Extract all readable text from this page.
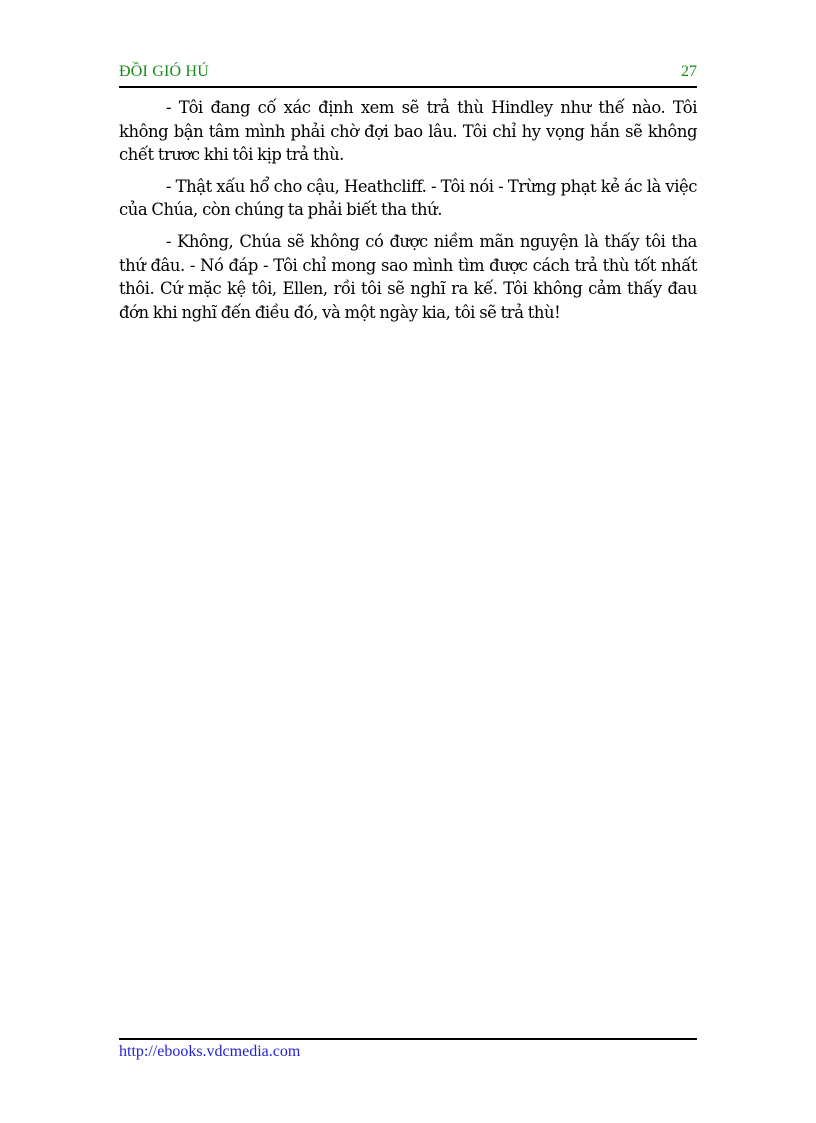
ĐỒI GIÓ HÚ	27

- Tôi đang cố xác định xem sẽ trả thù Hindley như thế nào. Tôi không bận tâm mình phải chờ đợi bao lâu. Tôi chỉ hy vọng hắn sẽ không chết trươc khi tôi kịp trả thù.

- Thật xấu hổ cho cậu, Heathcliff. - Tôi nói - Trừng phạt kẻ ác là việc của Chúa, còn chúng ta phải biết tha thứ.

- Không, Chúa sẽ không có được niềm mãn nguyện là thấy tôi tha thứ đâu. - Nó đáp - Tôi chỉ mong sao mình tìm được cách trả thù tốt nhất thôi. Cứ mặc kệ tôi, Ellen, rồi tôi sẽ nghĩ ra kế. Tôi không cảm thấy đau đớn khi nghĩ đến điều đó, và một ngày kia, tôi sẽ trả thù!

http://ebooks.vdcmedia.com
